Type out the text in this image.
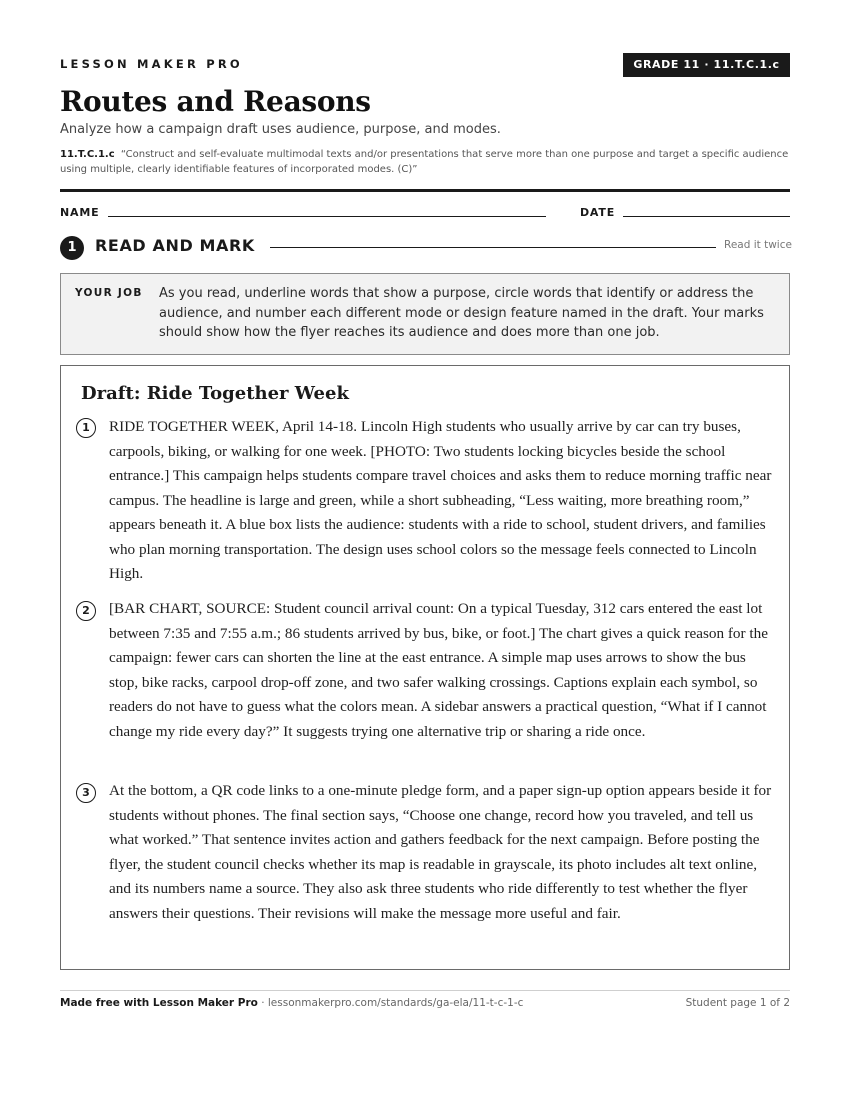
LESSON MAKER PRO	GRADE 11 · 11.T.C.1.c
Routes and Reasons
Analyze how a campaign draft uses audience, purpose, and modes.
11.T.C.1.c “Construct and self-evaluate multimodal texts and/or presentations that serve more than one purpose and target a specific audience using multiple, clearly identifiable features of incorporated modes. (C)”
NAME	DATE
1	READ AND MARK	Read it twice
YOUR JOB As you read, underline words that show a purpose, circle words that identify or address the audience, and number each different mode or design feature named in the draft. Your marks should show how the flyer reaches its audience and does more than one job.
Draft: Ride Together Week
1	RIDE TOGETHER WEEK, April 14-18. Lincoln High students who usually arrive by car can try buses, carpools, biking, or walking for one week. [PHOTO: Two students locking bicycles beside the school entrance.] This campaign helps students compare travel choices and asks them to reduce morning traffic near campus. The headline is large and green, while a short subheading, “Less waiting, more breathing room,” appears beneath it. A blue box lists the audience: students with a ride to school, student drivers, and families who plan morning transportation. The design uses school colors so the message feels connected to Lincoln High.

2	[BAR CHART, SOURCE: Student council arrival count: On a typical Tuesday, 312 cars entered the east lot between 7:35 and 7:55 a.m.; 86 students arrived by bus, bike, or foot.] The chart gives a quick reason for the campaign: fewer cars can shorten the line at the east entrance. A simple map uses arrows to show the bus stop, bike racks, carpool drop-off zone, and two safer walking crossings. Captions explain each symbol, so readers do not have to guess what the colors mean. A sidebar answers a practical question, “What if I cannot change my ride every day?” It suggests trying one alternative trip or sharing a ride once.

3	At the bottom, a QR code links to a one-minute pledge form, and a paper sign-up option appears beside it for students without phones. The final section says, “Choose one change, record how you traveled, and tell us what worked.” That sentence invites action and gathers feedback for the next campaign. Before posting the flyer, the student council checks whether its map is readable in grayscale, its photo includes alt text online, and its numbers name a source. They also ask three students who ride differently to test whether the flyer answers their questions. Their revisions will make the message more useful and fair.

Made free with Lesson Maker Pro · lessonmakerpro.com/standards/ga-ela/11-t-c-1-c	Student page 1 of 2
